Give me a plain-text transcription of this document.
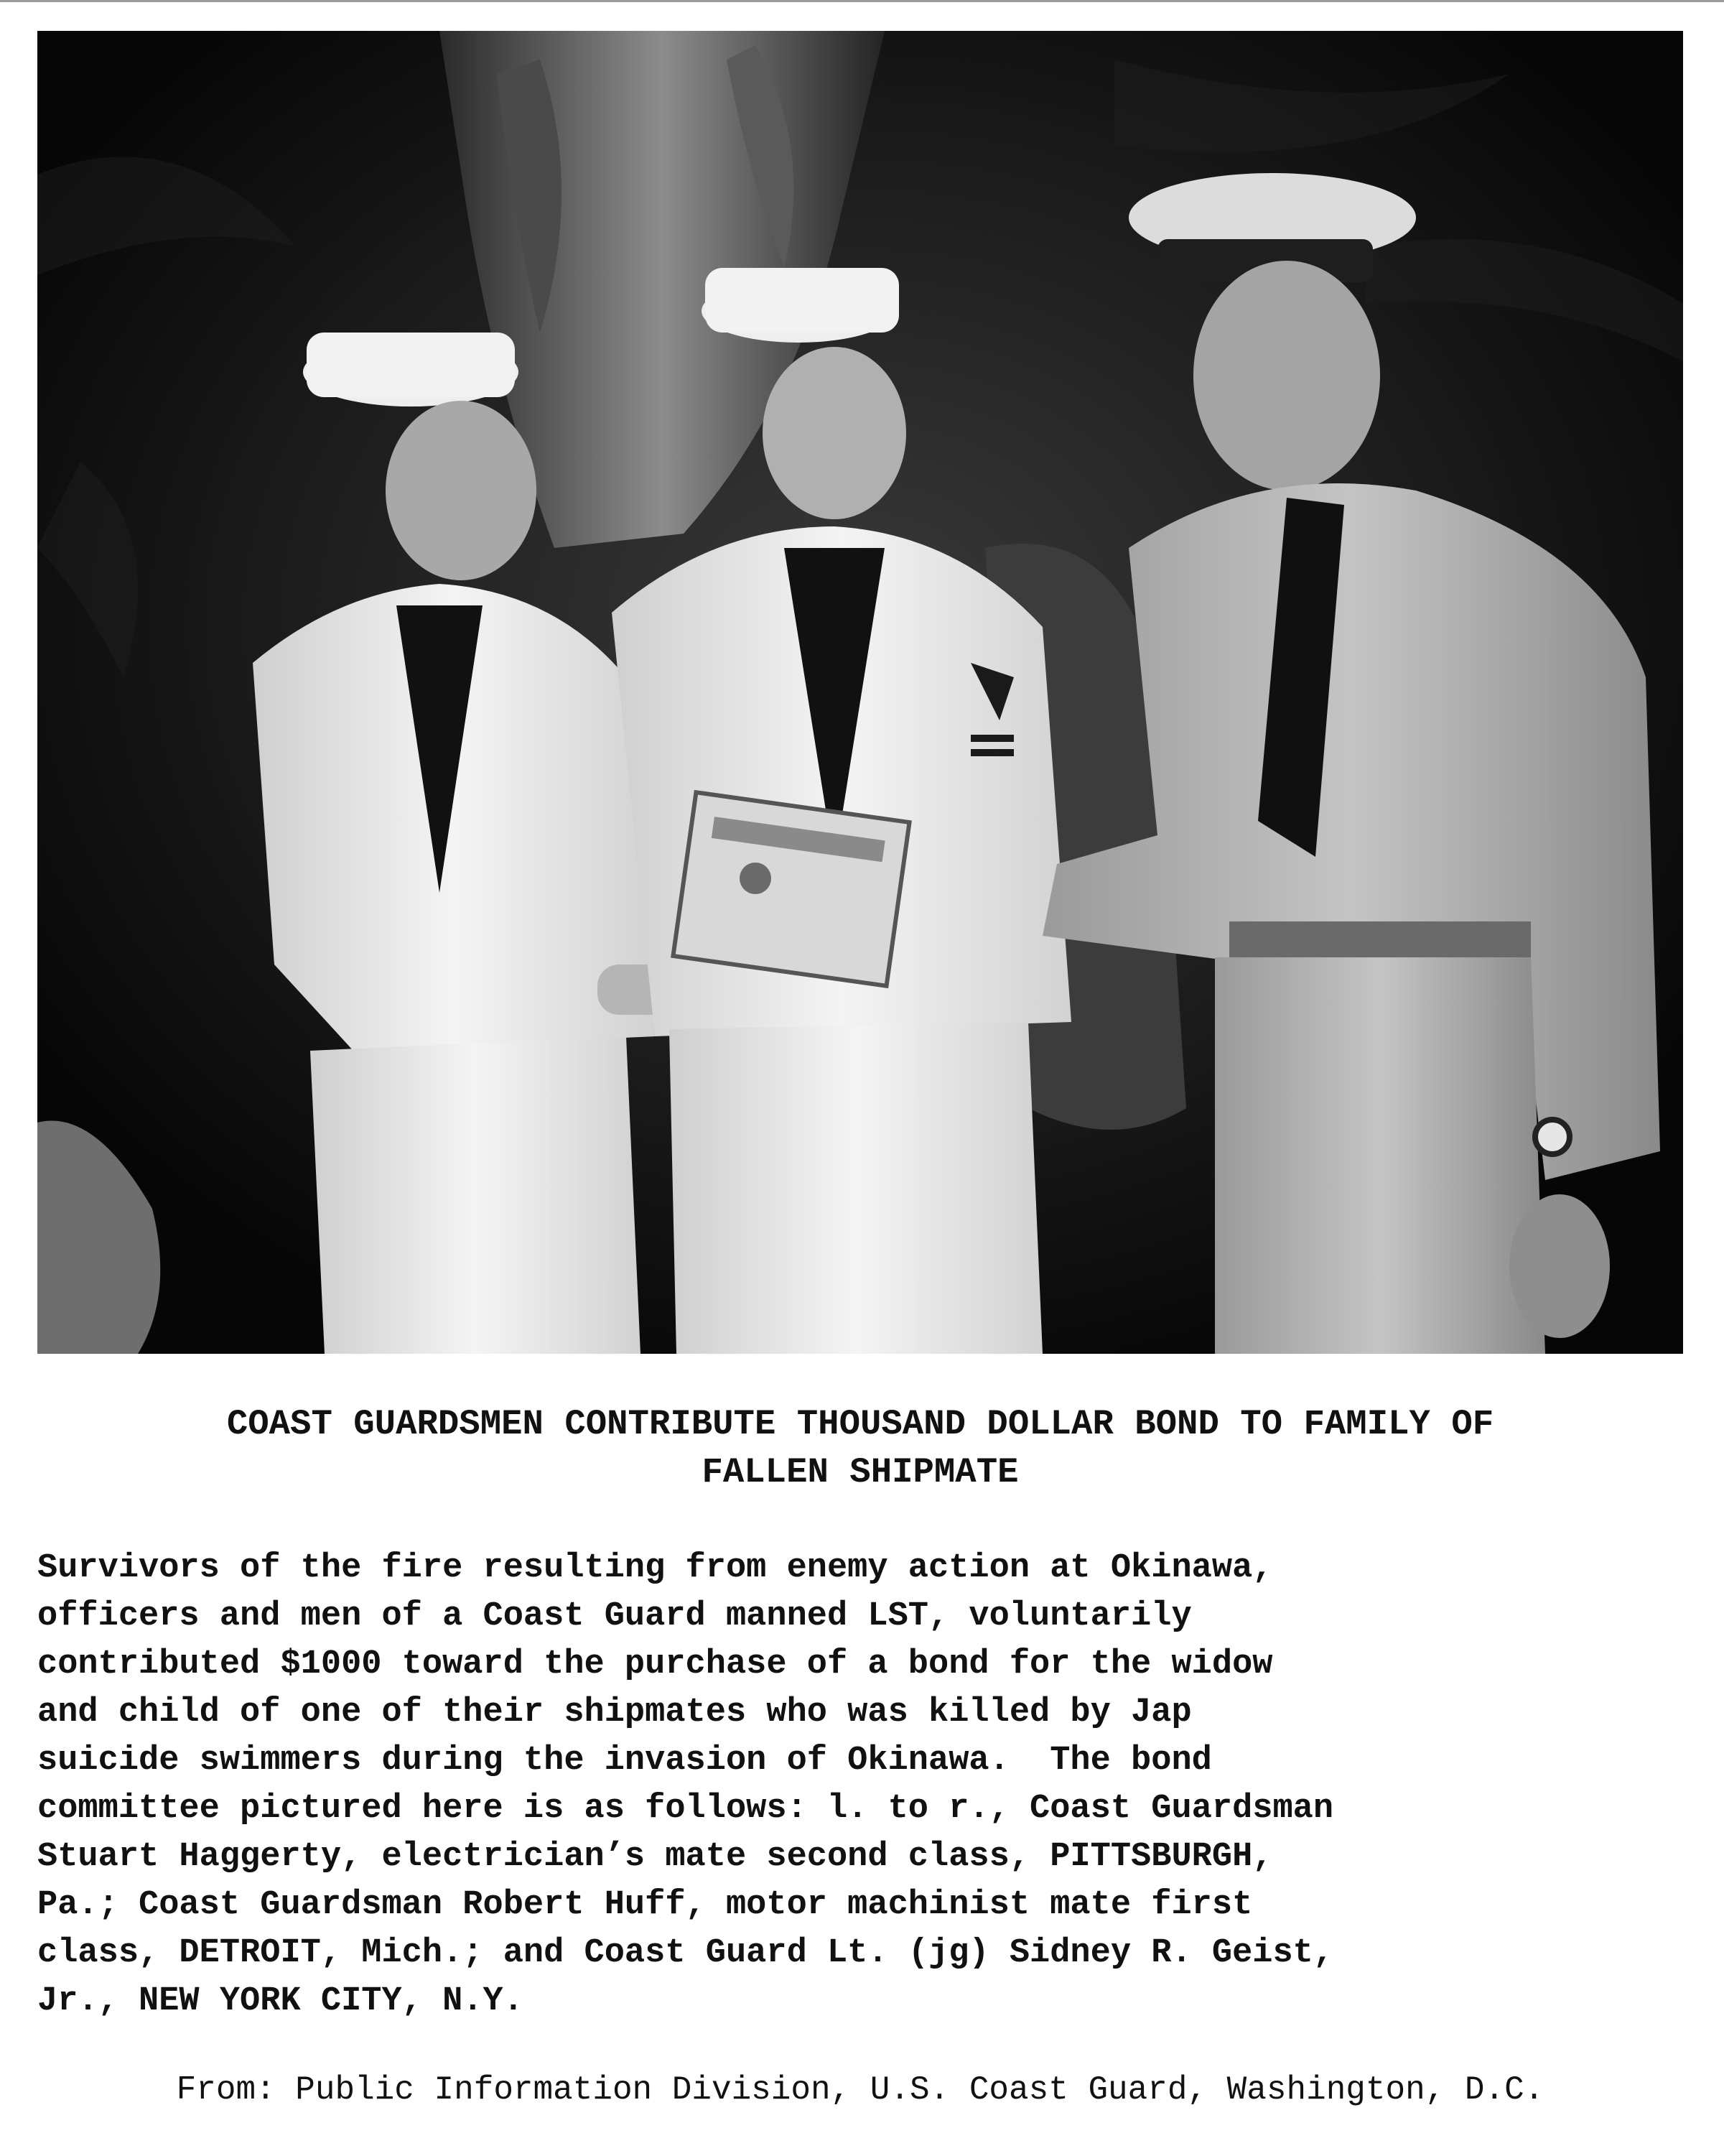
COAST GUARDSMEN CONTRIBUTE THOUSAND DOLLAR BOND TO FAMILY OF
FALLEN SHIPMATE

Survivors of the fire resulting from enemy action at Okinawa,
officers and men of a Coast Guard manned LST, voluntarily
contributed $1000 toward the purchase of a bond for the widow
and child of one of their shipmates who was killed by Jap
suicide swimmers during the invasion of Okinawa.  The bond
committee pictured here is as follows: l. to r., Coast Guardsman
Stuart Haggerty, electrician’s mate second class, PITTSBURGH,
Pa.; Coast Guardsman Robert Huff, motor machinist mate first
class, DETROIT, Mich.; and Coast Guard Lt. (jg) Sidney R. Geist,
Jr., NEW YORK CITY, N.Y.

From: Public Information Division, U.S. Coast Guard, Washington, D.C.
